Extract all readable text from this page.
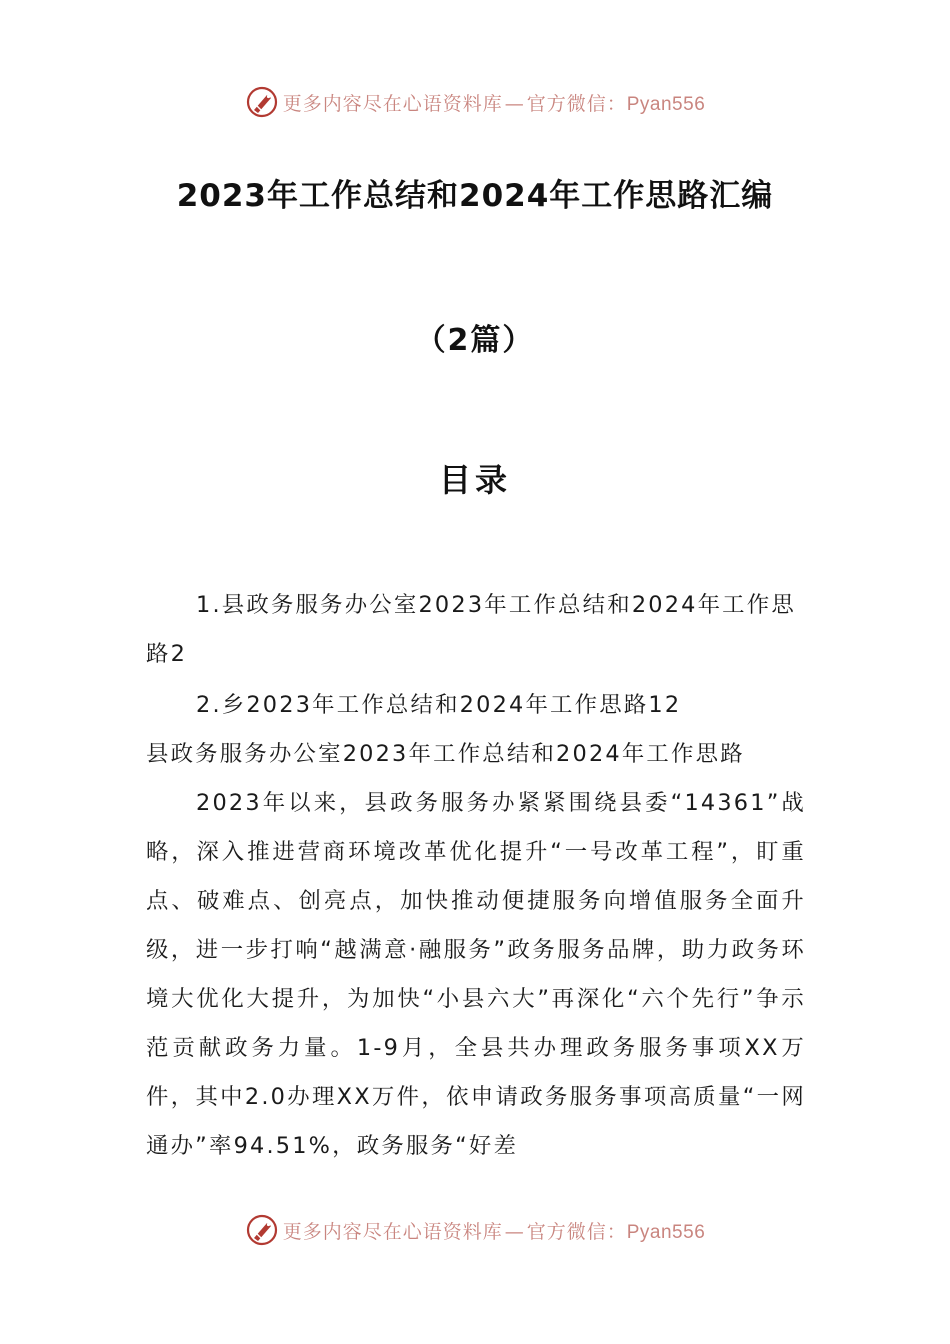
更多内容尽在心语资料库 — 官方微信：Pyan556
2023年工作总结和2024年工作思路汇编
（2篇）
目录

1.县政务服务办公室2023年工作总结和2024年工作思路2

2.乡2023年工作总结和2024年工作思路12

县政务服务办公室2023年工作总结和2024年工作思路

2023年以来，县政务服务办紧紧围绕县委“14361”战略，深入推进营商环境改革优化提升“一号改革工程”，盯重点、破难点、创亮点，加快推动便捷服务向增值服务全面升级，进一步打响“越满意·融服务”政务服务品牌，助力政务环境大优化大提升，为加快“小县六大”再深化“六个先行”争示范贡献政务力量。1-9月，全县共办理政务服务事项XX万件，其中2.0办理XX万件，依申请政务服务事项高质量“一网通办”率94.51%，政务服务“好差

更多内容尽在心语资料库 — 官方微信：Pyan556
